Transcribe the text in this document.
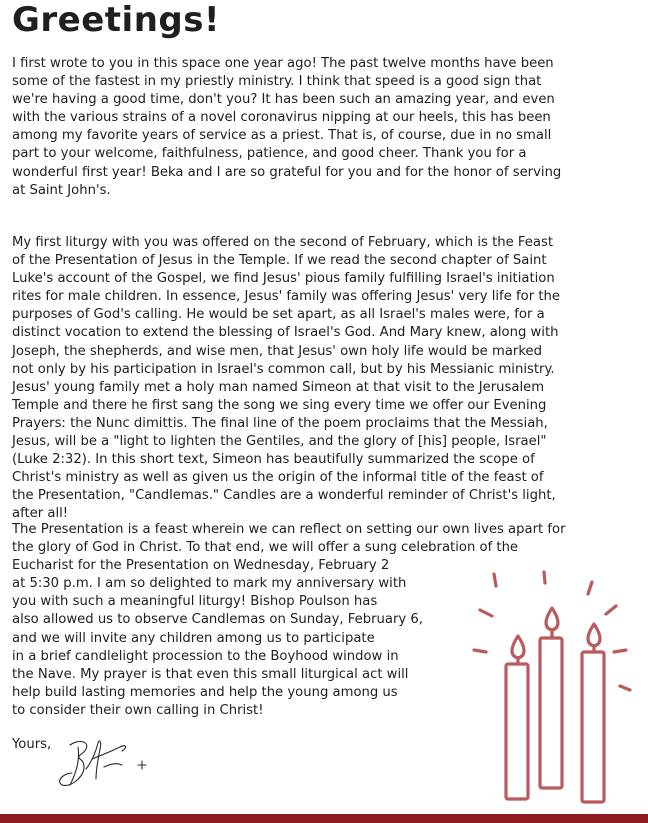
Greetings!

I first wrote to you in this space one year ago! The past twelve months have been
some of the fastest in my priestly ministry. I think that speed is a good sign that
we're having a good time, don't you? It has been such an amazing year, and even
with the various strains of a novel coronavirus nipping at our heels, this has been
among my favorite years of service as a priest. That is, of course, due in no small
part to your welcome, faithfulness, patience, and good cheer. Thank you for a
wonderful first year! Beka and I are so grateful for you and for the honor of serving
at Saint John's.

My first liturgy with you was offered on the second of February, which is the Feast
of the Presentation of Jesus in the Temple. If we read the second chapter of Saint
Luke's account of the Gospel, we find Jesus' pious family fulfilling Israel's initiation
rites for male children. In essence, Jesus' family was offering Jesus' very life for the
purposes of God's calling. He would be set apart, as all Israel's males were, for a
distinct vocation to extend the blessing of Israel's God. And Mary knew, along with
Joseph, the shepherds, and wise men, that Jesus' own holy life would be marked
not only by his participation in Israel's common call, but by his Messianic ministry.
Jesus' young family met a holy man named Simeon at that visit to the Jerusalem
Temple and there he first sang the song we sing every time we offer our Evening
Prayers: the Nunc dimittis. The final line of the poem proclaims that the Messiah,
Jesus, will be a "light to lighten the Gentiles, and the glory of [his] people, Israel"
(Luke 2:32). In this short text, Simeon has beautifully summarized the scope of
Christ's ministry as well as given us the origin of the informal title of the feast of
the Presentation, "Candlemas." Candles are a wonderful reminder of Christ's light,
after all!

The Presentation is a feast wherein we can reflect on setting our own lives apart for
the glory of God in Christ. To that end, we will offer a sung celebration of the
Eucharist for the Presentation on Wednesday, February 2
at 5:30 p.m. I am so delighted to mark my anniversary with
you with such a meaningful liturgy! Bishop Poulson has
also allowed us to observe Candlemas on Sunday, February 6,
and we will invite any children among us to participate
in a brief candlelight procession to the Boyhood window in
the Nave. My prayer is that even this small liturgical act will
help build lasting memories and help the young among us
to consider their own calling in Christ!

Yours,
